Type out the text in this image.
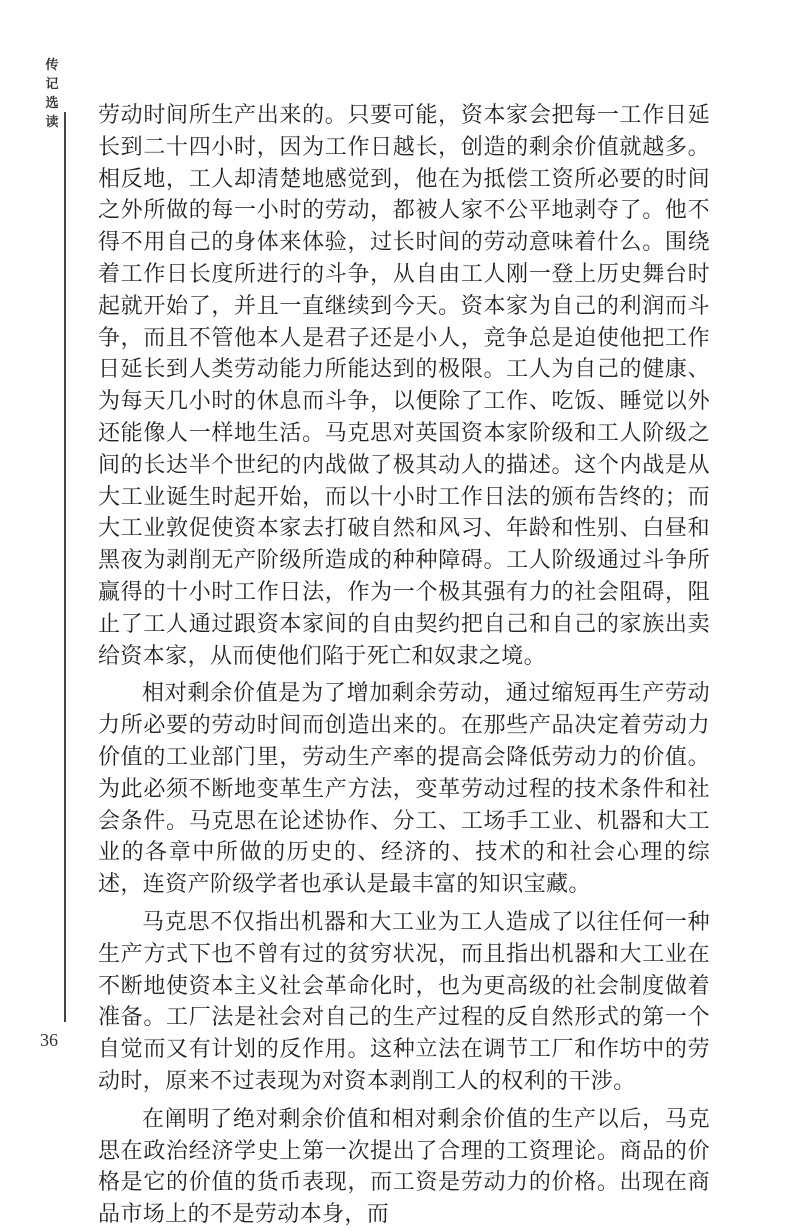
传
记
选
读
36

劳动时间所生产出来的。只要可能，资本家会把每一工作日延长到二十四小时，因为工作日越长，创造的剩余价值就越多。相反地，工人却清楚地感觉到，他在为抵偿工资所必要的时间之外所做的每一小时的劳动，都被人家不公平地剥夺了。他不得不用自己的身体来体验，过长时间的劳动意味着什么。围绕着工作日长度所进行的斗争，从自由工人刚一登上历史舞台时起就开始了，并且一直继续到今天。资本家为自己的利润而斗争，而且不管他本人是君子还是小人，竞争总是迫使他把工作日延长到人类劳动能力所能达到的极限。工人为自己的健康、为每天几小时的休息而斗争，以便除了工作、吃饭、睡觉以外还能像人一样地生活。马克思对英国资本家阶级和工人阶级之间的长达半个世纪的内战做了极其动人的描述。这个内战是从大工业诞生时起开始，而以十小时工作日法的颁布告终的；而大工业敦促使资本家去打破自然和风习、年龄和性别、白昼和黑夜为剥削无产阶级所造成的种种障碍。工人阶级通过斗争所赢得的十小时工作日法，作为一个极其强有力的社会阻碍，阻止了工人通过跟资本家间的自由契约把自己和自己的家族出卖给资本家，从而使他们陷于死亡和奴隶之境。

相对剩余价值是为了增加剩余劳动，通过缩短再生产劳动力所必要的劳动时间而创造出来的。在那些产品决定着劳动力价值的工业部门里，劳动生产率的提高会降低劳动力的价值。为此必须不断地变革生产方法，变革劳动过程的技术条件和社会条件。马克思在论述协作、分工、工场手工业、机器和大工业的各章中所做的历史的、经济的、技术的和社会心理的综述，连资产阶级学者也承认是最丰富的知识宝藏。

马克思不仅指出机器和大工业为工人造成了以往任何一种生产方式下也不曾有过的贫穷状况，而且指出机器和大工业在不断地使资本主义社会革命化时，也为更高级的社会制度做着准备。工厂法是社会对自己的生产过程的反自然形式的第一个自觉而又有计划的反作用。这种立法在调节工厂和作坊中的劳动时，原来不过表现为对资本剥削工人的权利的干涉。

在阐明了绝对剩余价值和相对剩余价值的生产以后，马克思在政治经济学史上第一次提出了合理的工资理论。商品的价格是它的价值的货币表现，而工资是劳动力的价格。出现在商品市场上的不是劳动本身，而
